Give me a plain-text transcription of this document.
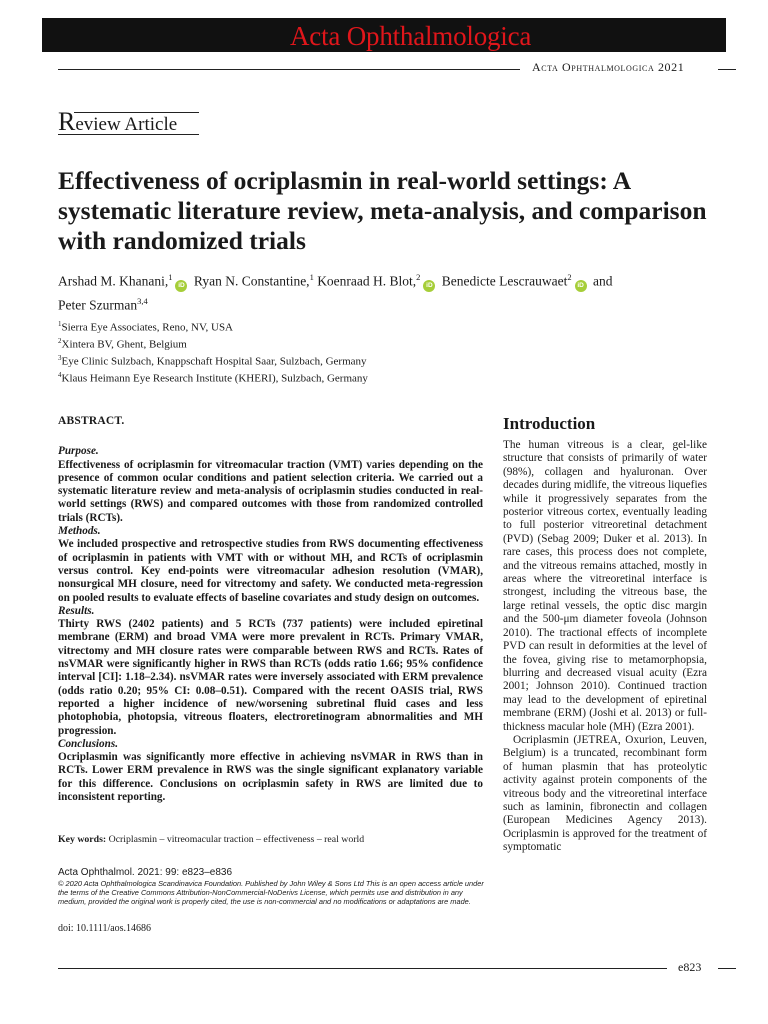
Acta Ophthalmologica
Acta Ophthalmologica 2021
Review Article
Effectiveness of ocriplasmin in real-world settings: A systematic literature review, meta-analysis, and comparison with randomized trials
Arshad M. Khanani,$^1$iD Ryan N. Constantine,$^1$ Koenraad H. Blot,$^2$iD Benedicte Lescrauwaet$^2$iD and
Peter Szurman$^{3,4}$
$^1$Sierra Eye Associates, Reno, NV, USA
$^2$Xintera BV, Ghent, Belgium
$^3$Eye Clinic Sulzbach, Knappschaft Hospital Saar, Sulzbach, Germany
$^4$Klaus Heimann Eye Research Institute (KHERI), Sulzbach, Germany
ABSTRACT.
Purpose.

Effectiveness of ocriplasmin for vitreomacular traction (VMT) varies depending on the presence of common ocular conditions and patient selection criteria. We carried out a systematic literature review and meta-analysis of ocriplasmin studies conducted in real-world settings (RWS) and compared outcomes with those from randomized controlled trials (RCTs).

Methods.

We included prospective and retrospective studies from RWS documenting effectiveness of ocriplasmin in patients with VMT with or without MH, and RCTs of ocriplasmin versus control. Key end-points were vitreomacular adhesion resolution (VMAR), nonsurgical MH closure, need for vitrectomy and safety. We conducted meta-regression on pooled results to evaluate effects of baseline covariates and study design on outcomes.

Results.

Thirty RWS (2402 patients) and 5 RCTs (737 patients) were included epiretinal membrane (ERM) and broad VMA were more prevalent in RCTs. Primary VMAR, vitrectomy and MH closure rates were comparable between RWS and RCTs. Rates of nsVMAR were significantly higher in RWS than RCTs (odds ratio 1.66; 95% confidence interval [CI]: 1.18–2.34). nsVMAR rates were inversely associated with ERM prevalence (odds ratio 0.20; 95% CI: 0.08–0.51). Compared with the recent OASIS trial, RWS reported a higher incidence of new/worsening subretinal fluid cases and less photophobia, photopsia, vitreous floaters, electroretinogram abnormalities and MH progression.

Conclusions.

Ocriplasmin was significantly more effective in achieving nsVMAR in RWS than in RCTs. Lower ERM prevalence in RWS was the single significant explanatory variable for this difference. Conclusions on ocriplasmin safety in RWS are limited due to inconsistent reporting.

Key words: Ocriplasmin – vitreomacular traction – effectiveness – real world
Acta Ophthalmol. 2021: 99: e823–e836
© 2020 Acta Ophthalmologica Scandinavica Foundation. Published by John Wiley & Sons Ltd This is an open access article under the terms of the Creative Commons Attribution-NonCommercial-NoDerivs License, which permits use and distribution in any medium, provided the original work is properly cited, the use is non-commercial and no modifications or adaptations are made.
doi: 10.1111/aos.14686
Introduction

The human vitreous is a clear, gel-like structure that consists of primarily of water (98%), collagen and hyaluronan. Over decades during midlife, the vitreous liquefies while it progressively separates from the posterior vitreous cortex, eventually leading to full posterior vitreoretinal detachment (PVD) (Sebag 2009; Duker et al. 2013). In rare cases, this process does not complete, and the vitreous remains attached, mostly in areas where the vitreoretinal interface is strongest, including the vitreous base, the large retinal vessels, the optic disc margin and the 500-μm diameter foveola (Johnson 2010). The tractional effects of incomplete PVD can result in deformities at the level of the fovea, giving rise to metamorphopsia, blurring and decreased visual acuity (Ezra 2001; Johnson 2010). Continued traction may lead to the development of epiretinal membrane (ERM) (Joshi et al. 2013) or full-thickness macular hole (MH) (Ezra 2001).

Ocriplasmin (JETREA, Oxurion, Leuven, Belgium) is a truncated, recombinant form of human plasmin that has proteolytic activity against protein components of the vitreous body and the vitreoretinal interface such as laminin, fibronectin and collagen (European Medicines Agency 2013). Ocriplasmin is approved for the treatment of symptomatic

e823
